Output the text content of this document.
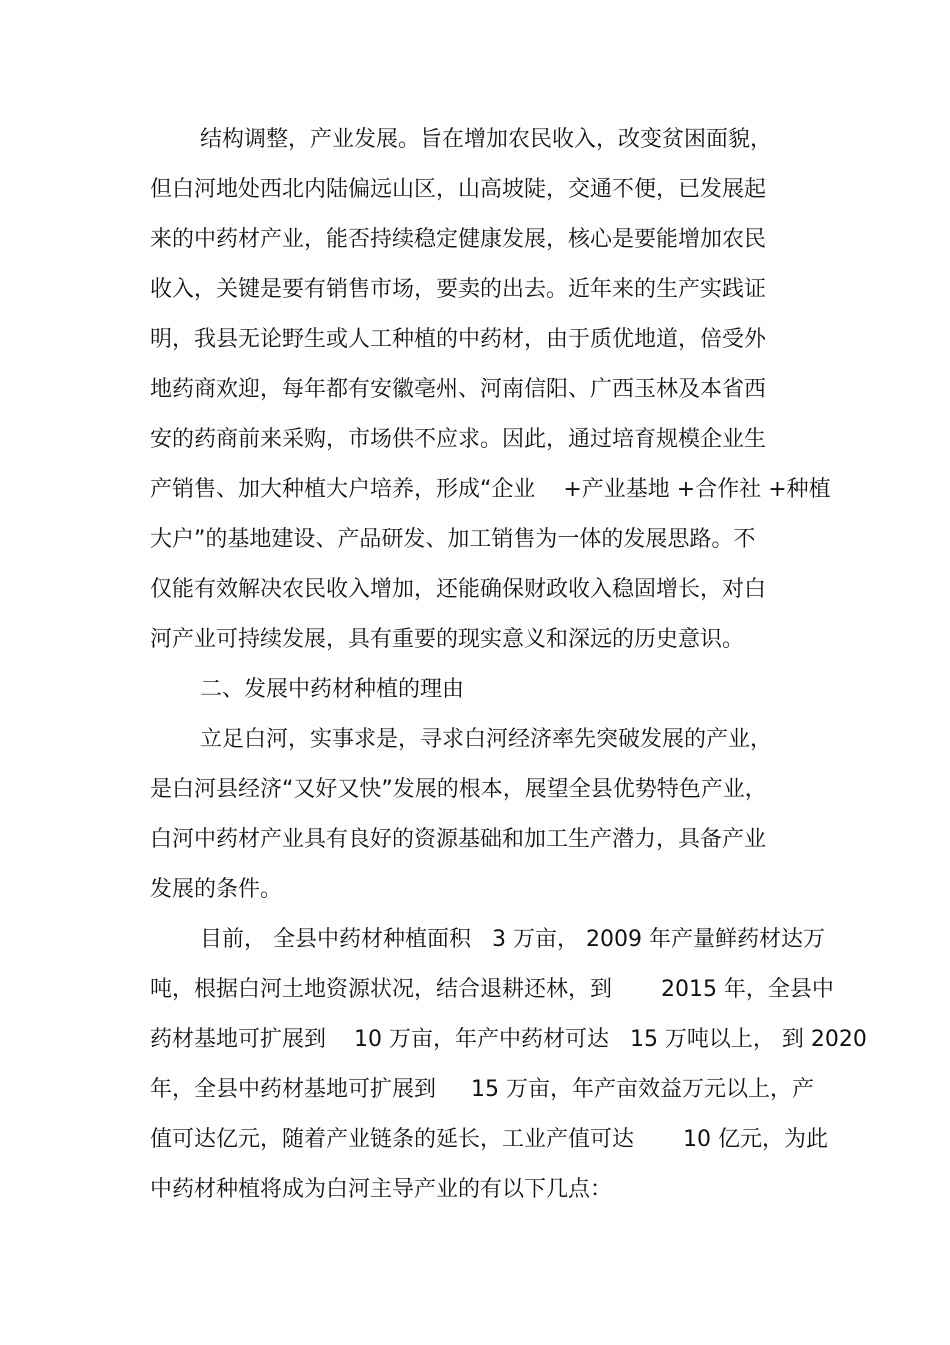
结构调整，产业发展。旨在增加农民收入，改变贫困面貌，

但白河地处西北内陆偏远山区，山高坡陡，交通不便，已发展起

来的中药材产业，能否持续稳定健康发展，核心是要能增加农民

收入，关键是要有销售市场，要卖的出去。近年来的生产实践证

明，我县无论野生或人工种植的中药材，由于质优地道，倍受外

地药商欢迎，每年都有安徽亳州、河南信阳、广西玉林及本省西

安的药商前来采购，市场供不应求。因此，通过培育规模企业生

产销售、加大种植大户培养，形成“企业    +产业基地 +合作社 +种植

大户”的基地建设、产品研发、加工销售为一体的发展思路。不

仅能有效解决农民收入增加，还能确保财政收入稳固增长，对白

河产业可持续发展，具有重要的现实意义和深远的历史意识。

二、发展中药材种植的理由

立足白河，实事求是，寻求白河经济率先突破发展的产业，

是白河县经济“又好又快”发展的根本，展望全县优势特色产业，

白河中药材产业具有良好的资源基础和加工生产潜力，具备产业

发展的条件。

目前， 全县中药材种植面积   3 万亩， 2009 年产量鲜药材达万

吨，根据白河土地资源状况，结合退耕还林，到       2015 年，全县中

药材基地可扩展到    10 万亩，年产中药材可达   15 万吨以上， 到 2020

年，全县中药材基地可扩展到     15 万亩，年产亩效益万元以上，产

值可达亿元，随着产业链条的延长，工业产值可达       10 亿元，为此

中药材种植将成为白河主导产业的有以下几点：
